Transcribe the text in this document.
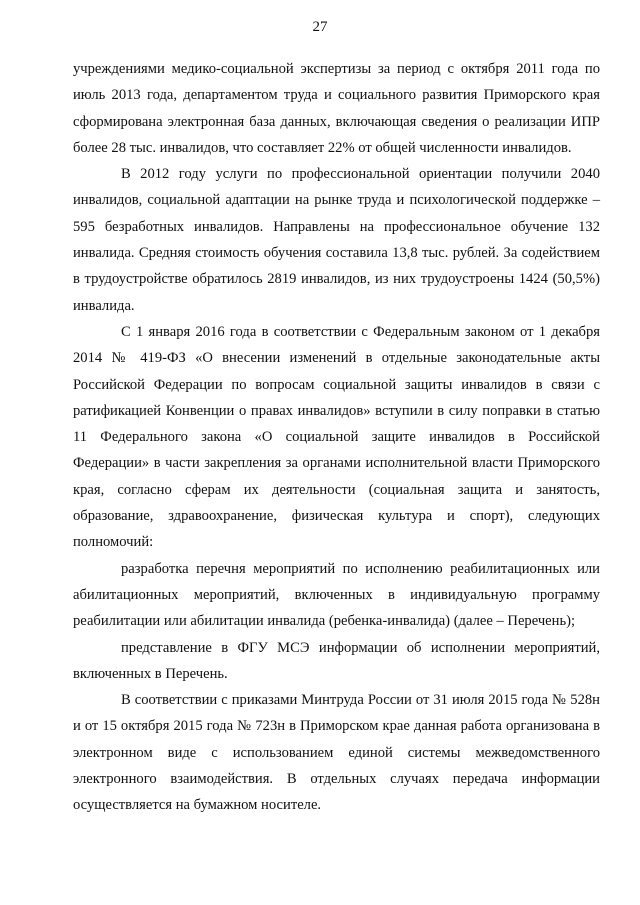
27

учреждениями медико-социальной экспертизы за период с октября 2011 года по июль 2013 года, департаментом труда и социального развития Приморского края сформирована электронная база данных, включающая сведения о реализации ИПР более 28 тыс. инвалидов, что составляет 22% от общей численности инвалидов.

В 2012 году услуги по профессиональной ориентации получили 2040 инвалидов, социальной адаптации на рынке труда и психологической поддержке – 595 безработных инвалидов. Направлены на профессиональное обучение 132 инвалида. Средняя стоимость обучения составила 13,8 тыс. рублей. За содействием в трудоустройстве обратилось 2819 инвалидов, из них трудоустроены 1424 (50,5%) инвалида.

С 1 января 2016 года в соответствии с Федеральным законом от 1 декабря 2014 № 419-ФЗ «О внесении изменений в отдельные законодательные акты Российской Федерации по вопросам социальной защиты инвалидов в связи с ратификацией Конвенции о правах инвалидов» вступили в силу поправки в статью 11 Федерального закона «О социальной защите инвалидов в Российской Федерации» в части закрепления за органами исполнительной власти Приморского края, согласно сферам их деятельности (социальная защита и занятость, образование, здравоохранение, физическая культура и спорт), следующих полномочий:

разработка перечня мероприятий по исполнению реабилитационных или абилитационных мероприятий, включенных в индивидуальную программу реабилитации или абилитации инвалида (ребенка-инвалида) (далее – Перечень);

представление в ФГУ МСЭ информации об исполнении мероприятий, включенных в Перечень.

В соответствии с приказами Минтруда России от 31 июля 2015 года № 528н и от 15 октября 2015 года № 723н в Приморском крае данная работа организована в электронном виде с использованием единой системы межведомственного электронного взаимодействия. В отдельных случаях передача информации осуществляется на бумажном носителе.
